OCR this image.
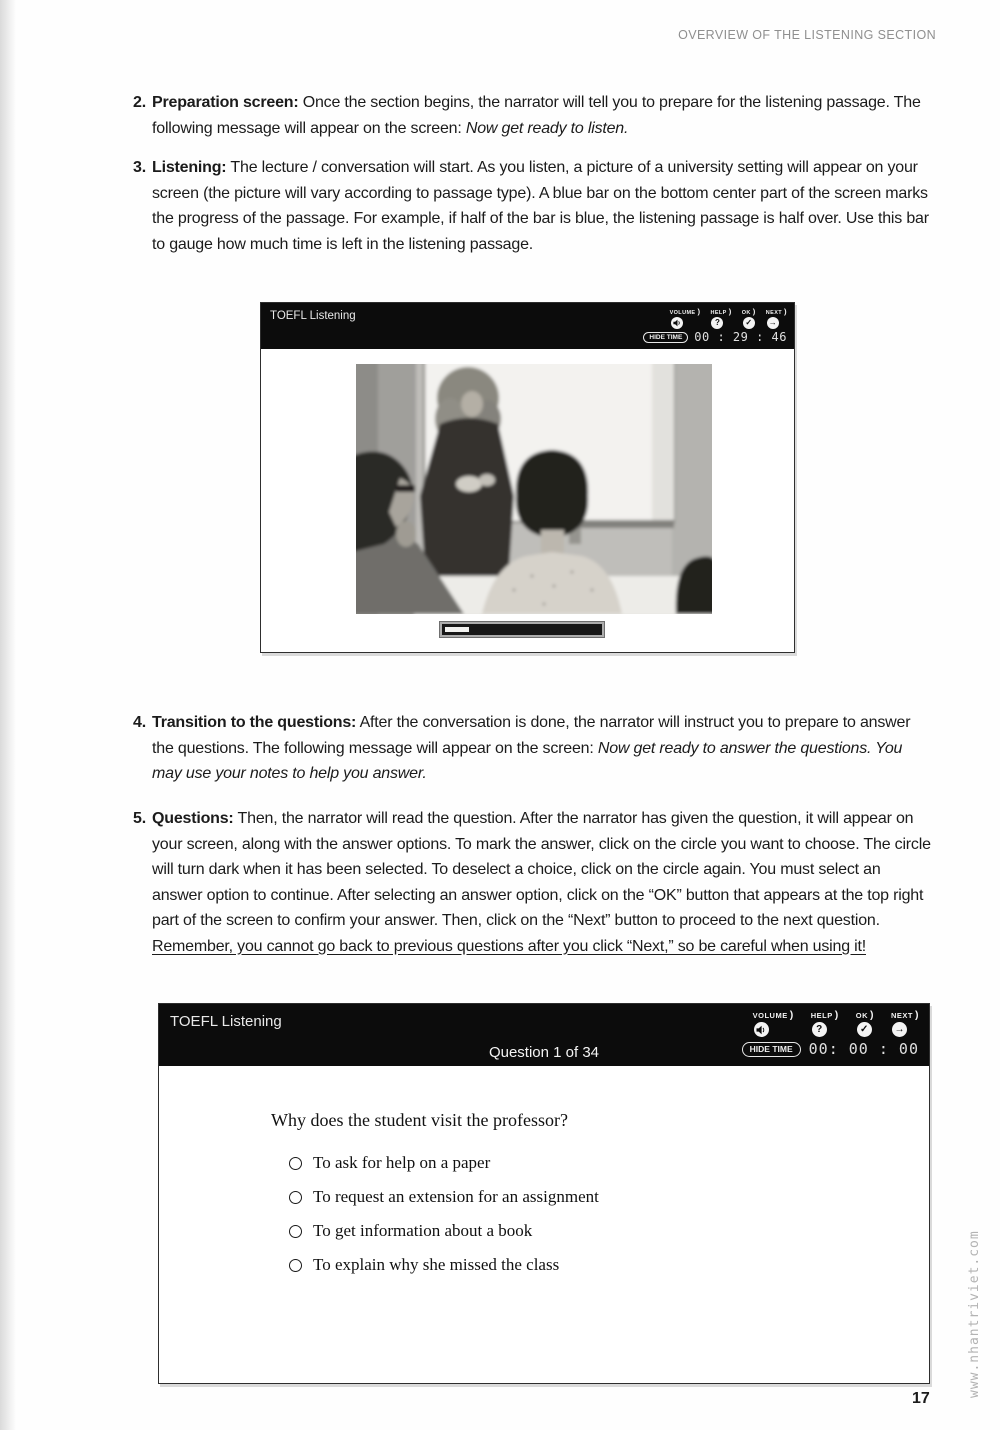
OVERVIEW OF THE LISTENING SECTION
2. Preparation screen: Once the section begins, the narrator will tell you to prepare for the listening passage. The following message will appear on the screen: Now get ready to listen.
3. Listening: The lecture / conversation will start. As you listen, a picture of a university setting will appear on your screen (the picture will vary according to passage type). A blue bar on the bottom center part of the screen marks the progress of the passage. For example, if half of the bar is blue, the listening passage is half over. Use this bar to gauge how much time is left in the listening passage.
TOEFL Listening	VOLUME ) HELP )
?
OK )
✓
NEXT )
→
HIDE TIME	00 : 29 : 46
4. Transition to the questions: After the conversation is done, the narrator will instruct you to prepare to answer the questions. The following message will appear on the screen: Now get ready to answer the questions. You may use your notes to help you answer.
5. Questions: Then, the narrator will read the question. After the narrator has given the question, it will appear on your screen, along with the answer options. To mark the answer, click on the circle you want to choose. The circle will turn dark when it has been selected. To deselect a choice, click on the circle again. You must select an answer option to continue. After selecting an answer option, click on the “OK” button that appears at the top right part of the screen to confirm your answer. Then, click on the “Next” button to proceed to the next question. Remember, you cannot go back to previous questions after you click “Next,” so be careful when using it!
TOEFL Listening	VOLUME ) HELP )
?
OK )
✓
NEXT )
→
HIDE TIME	00: 00 : 00
Question 1 of 34
Why does the student visit the professor?
To ask for help on a paper
To request an extension for an assignment
To get information about a book
To explain why she missed the class	www.nhantriviet.com
17
